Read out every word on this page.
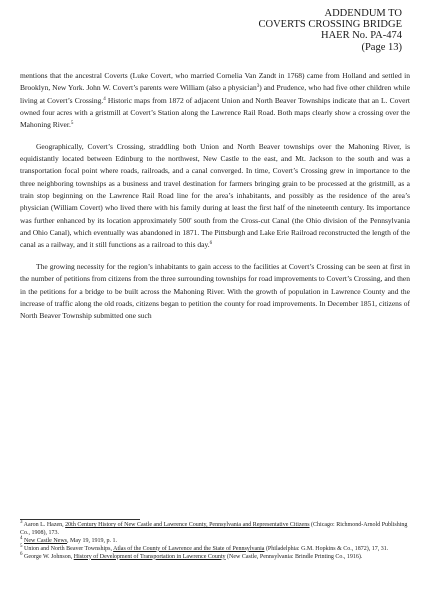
ADDENDUM TO
COVERTS CROSSING BRIDGE
HAER No. PA-474
(Page 13)

mentions that the ancestral Coverts (Luke Covert, who married Cornelia Van Zandt in 1768) came from Holland and settled in Brooklyn, New York. John W. Covert’s parents were William (also a physician$^3$) and Prudence, who had five other children while living at Covert’s Crossing.$^4$ Historic maps from 1872 of adjacent Union and North Beaver Townships indicate that an L. Covert owned four acres with a gristmill at Covert’s Station along the Lawrence Rail Road. Both maps clearly show a crossing over the Mahoning River.$^5$

Geographically, Covert’s Crossing, straddling both Union and North Beaver townships over the Mahoning River, is equidistantly located between Edinburg to the northwest, New Castle to the east, and Mt. Jackson to the south and was a transportation focal point where roads, railroads, and a canal converged. In time, Covert’s Crossing grew in importance to the three neighboring townships as a business and travel destination for farmers bringing grain to be processed at the gristmill, as a train stop beginning on the Lawrence Rail Road line for the area’s inhabitants, and possibly as the residence of the area’s physician (William Covert) who lived there with his family during at least the first half of the nineteenth century. Its importance was further enhanced by its location approximately 500' south from the Cross-cut Canal (the Ohio division of the Pennsylvania and Ohio Canal), which eventually was abandoned in 1871. The Pittsburgh and Lake Erie Railroad reconstructed the length of the canal as a railway, and it still functions as a railroad to this day.$^6$

The growing necessity for the region’s inhabitants to gain access to the facilities at Covert’s Crossing can be seen at first in the number of petitions from citizens from the three surrounding townships for road improvements to Covert’s Crossing, and then in the petitions for a bridge to be built across the Mahoning River. With the growth of population in Lawrence County and the increase of traffic along the old roads, citizens began to petition the county for road improvements. In December 1851, citizens of North Beaver Township submitted one such

$^3$ Aaron L. Hazen, 20th Century History of New Castle and Lawrence County, Pennsylvania and Representative Citizens (Chicago: Richmond-Arnold Publishing Co., 1908), 173.

$^4$ New Castle News, May 19, 1919, p. 1.

$^5$ Union and North Beaver Townships, Atlas of the County of Lawrence and the State of Pennsylvania (Philadelphia: G.M. Hopkins & Co., 1872), 17, 31.

$^6$ George W. Johnson, History of Development of Transportation in Lawrence County (New Castle, Pennsylvania: Brindle Printing Co., 1916).
